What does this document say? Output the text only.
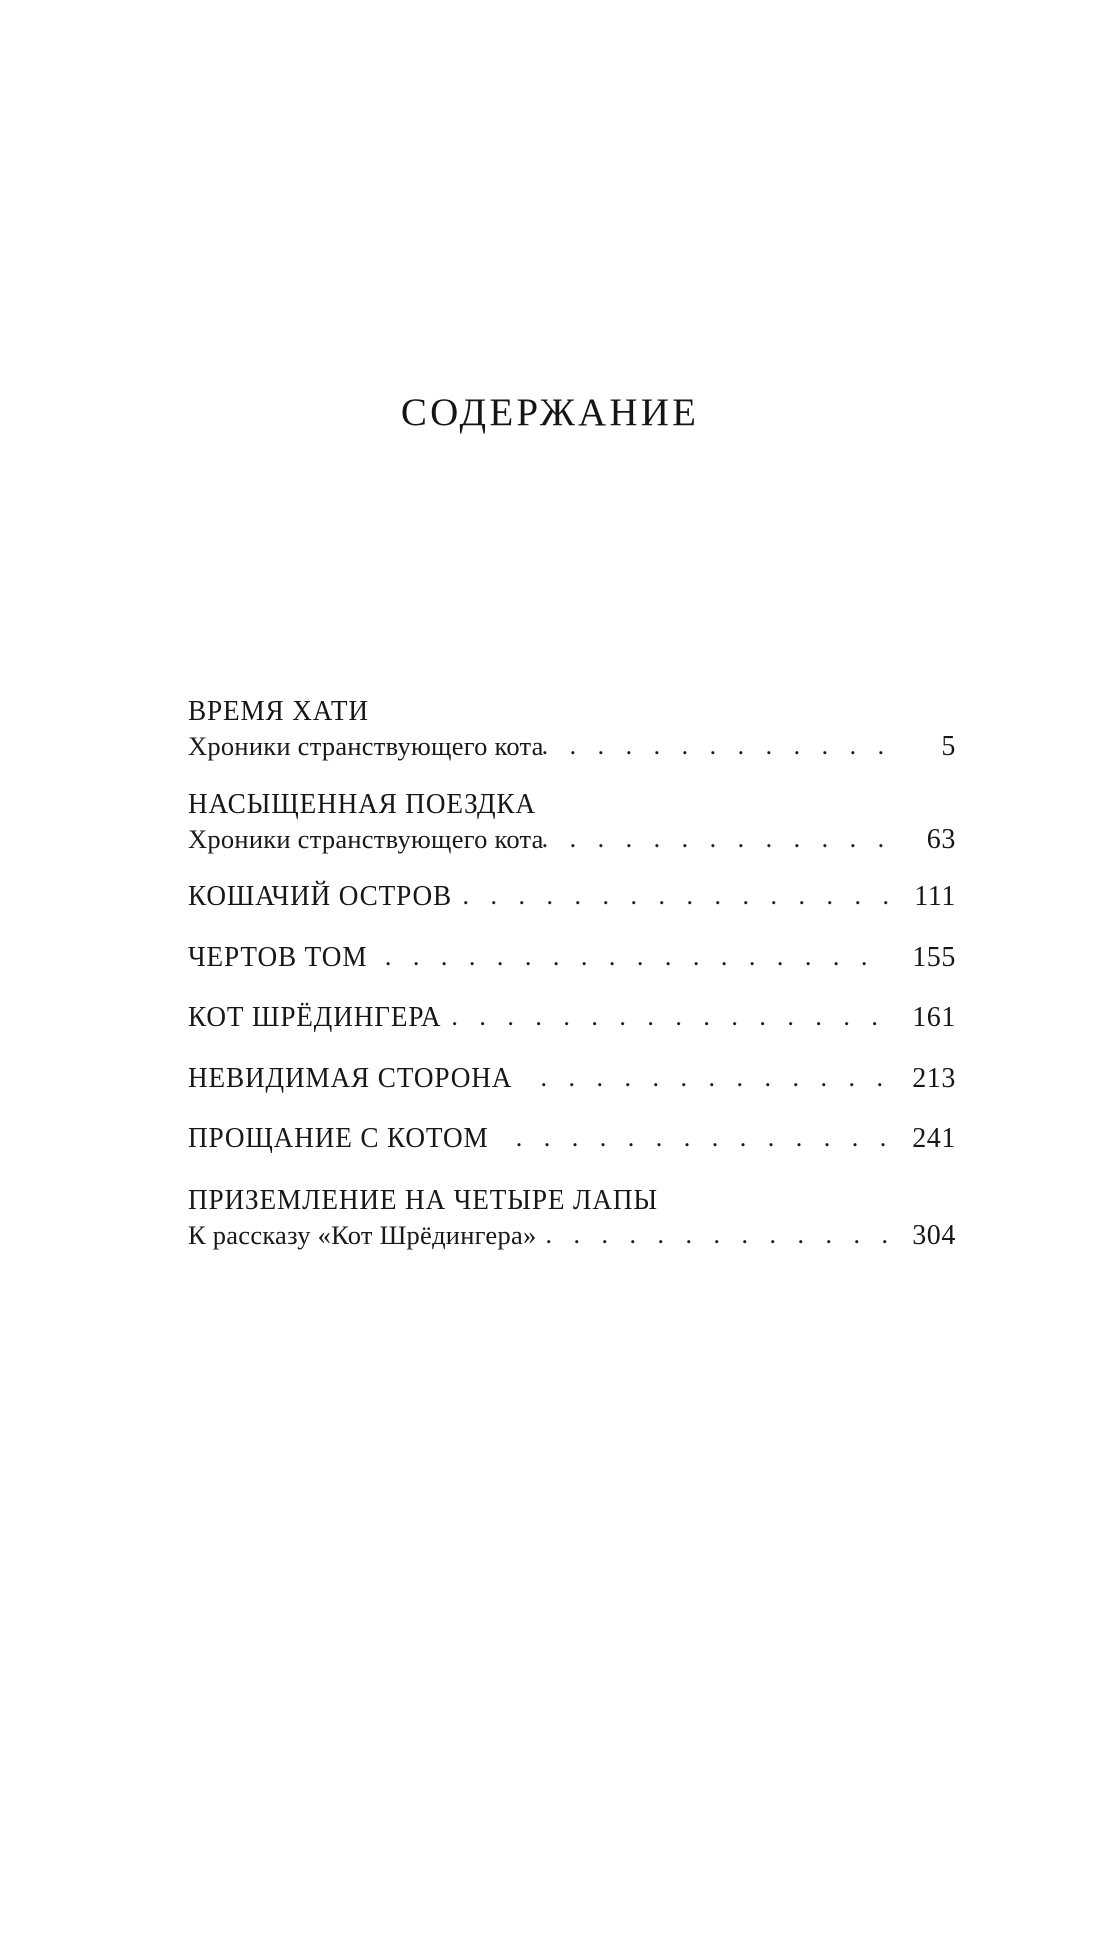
СОДЕРЖАНИЕ
ВРЕМЯ ХАТИ
Хроники странствующего кота . . .	5
НАСЫЩЕННАЯ ПОЕЗДКА
Хроники странствующего кота . . .	63
КОШАЧИЙ ОСТРОВ . . .	111
ЧЕРТОВ ТОМ . . .	155
КОТ ШРЁДИНГЕРА . . .	161
НЕВИДИМАЯ СТОРОНА . . .	213
ПРОЩАНИЕ С КОТОМ . . .	241
ПРИЗЕМЛЕНИЕ НА ЧЕТЫРЕ ЛАПЫ
К рассказу «Кот Шрёдингера» . . .	304
